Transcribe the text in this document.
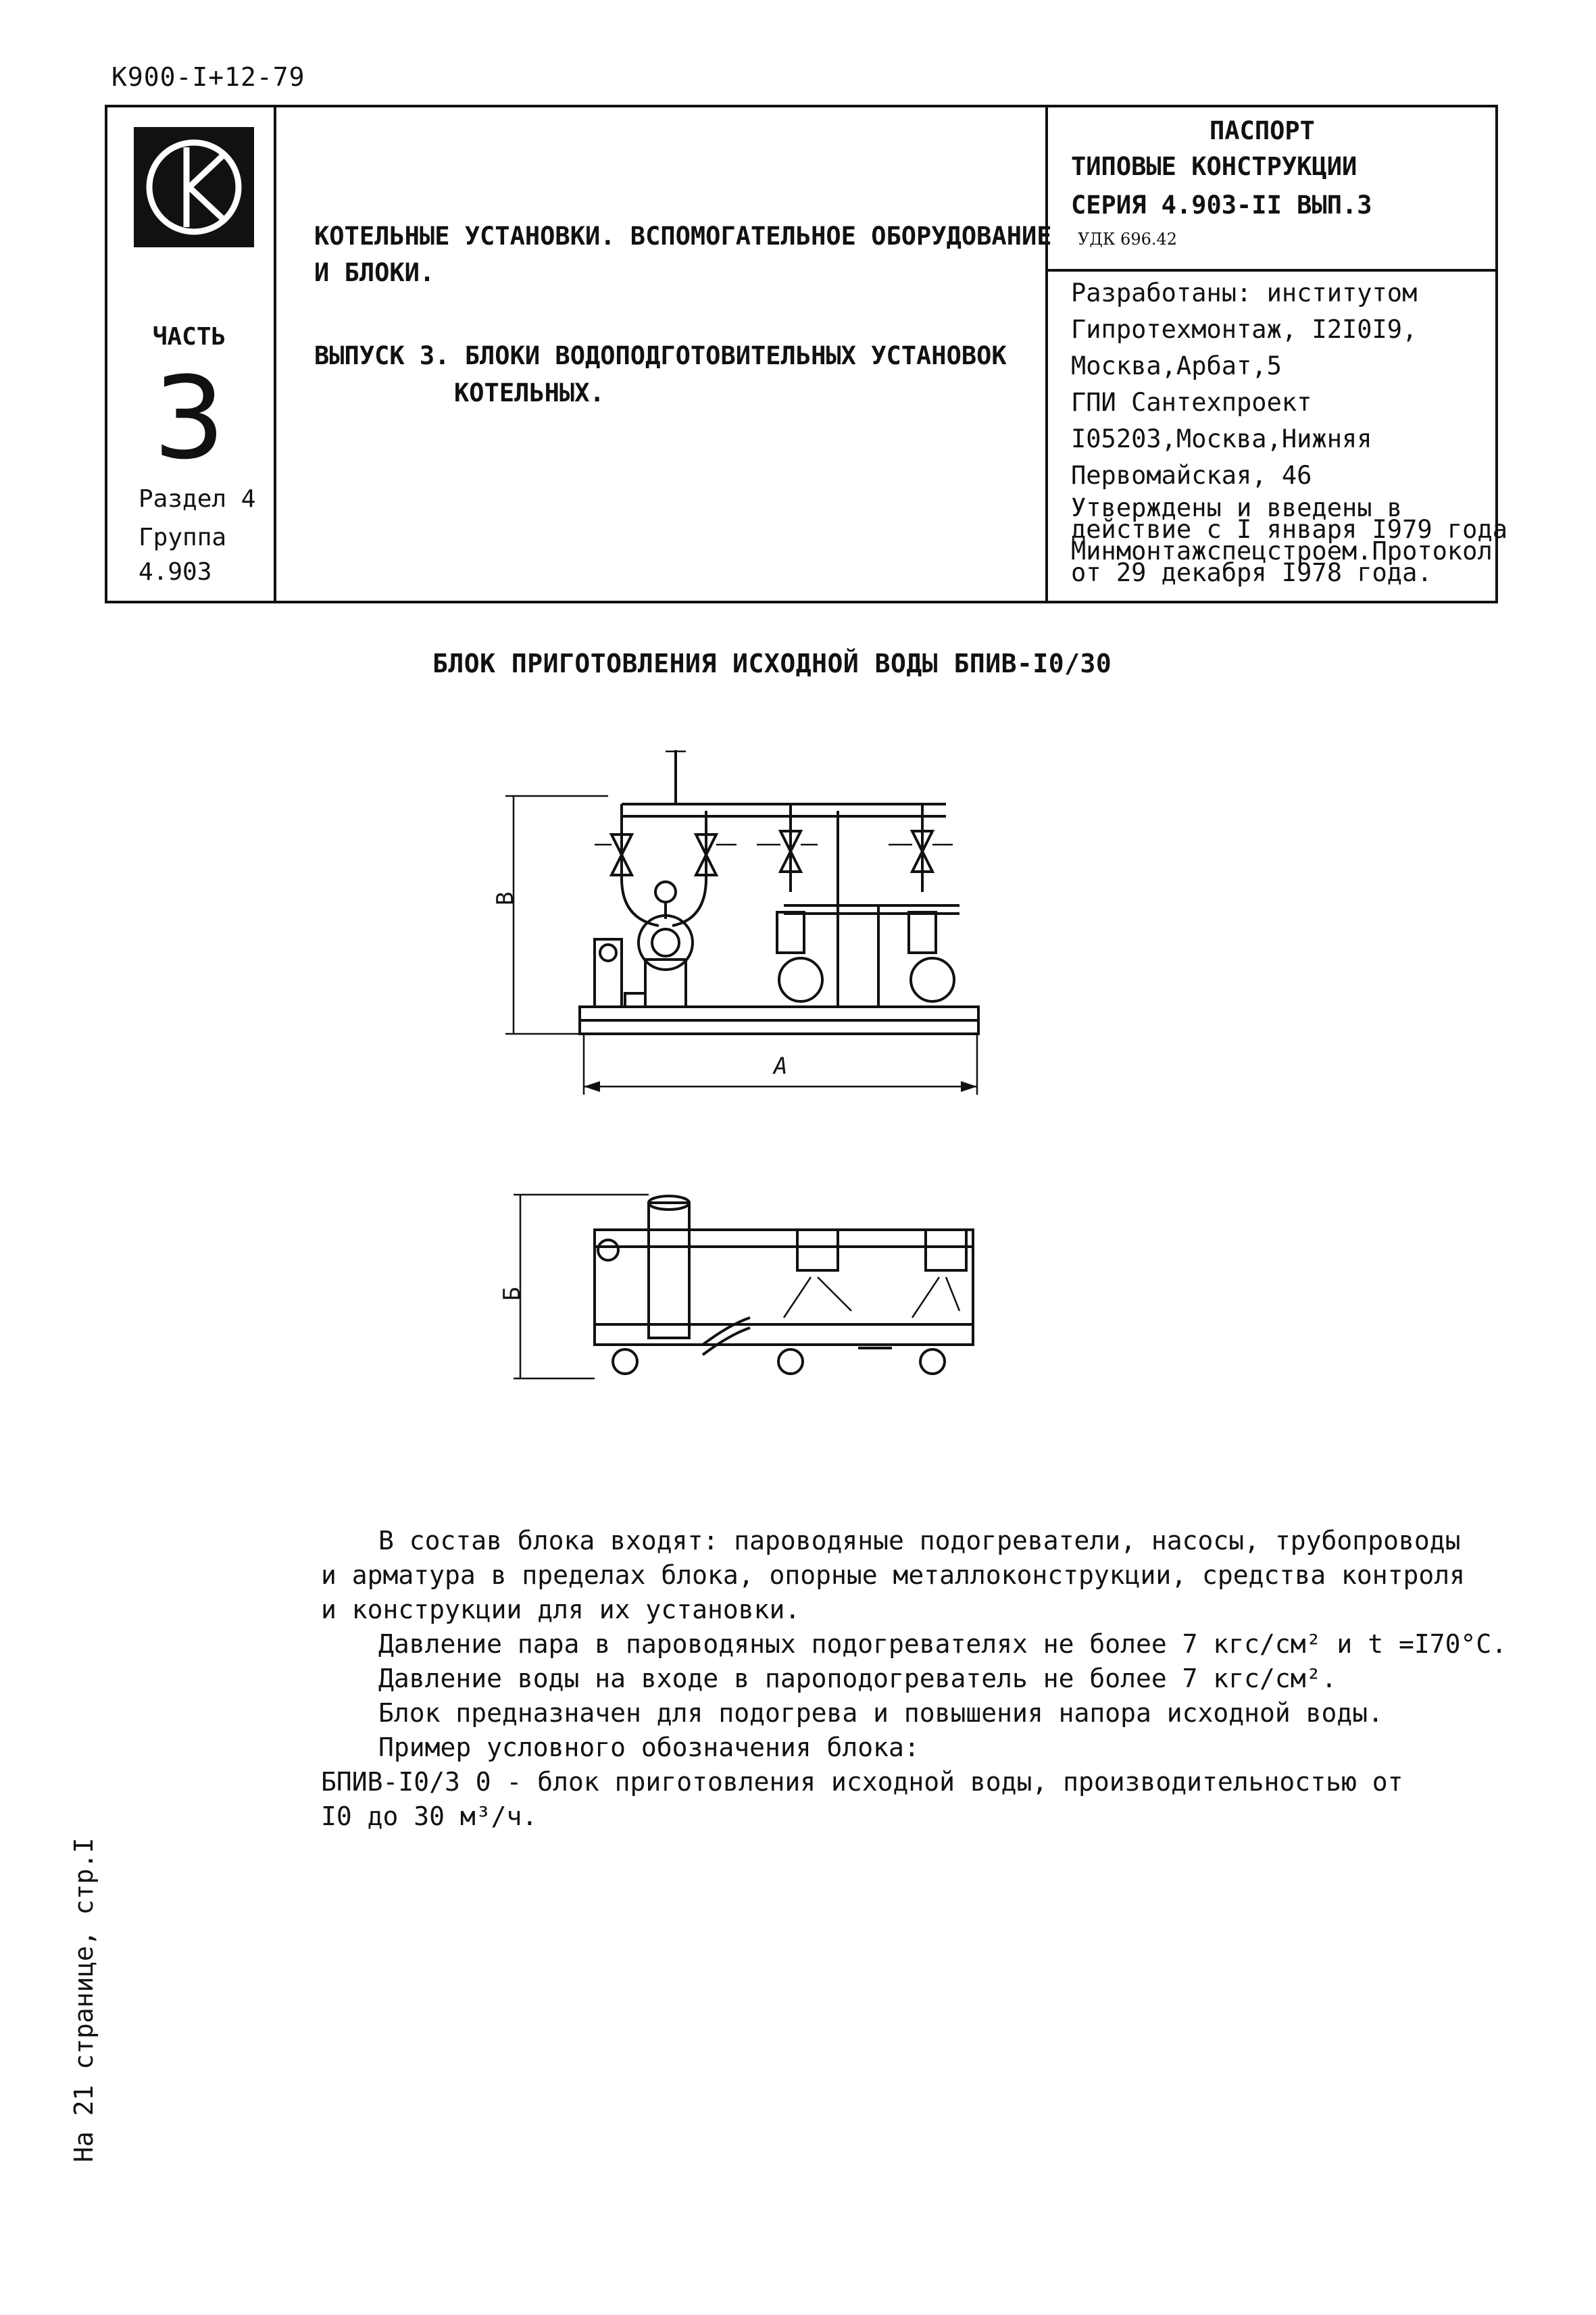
К900-I+12-79
ЧАСТЬ
3
Раздел 4
Группа
4.903
КОТЕЛЬНЫЕ УСТАНОВКИ. ВСПОМОГАТЕЛЬНОЕ ОБОРУДОВАНИЕ
И БЛОКИ.
ВЫПУСК 3. БЛОКИ ВОДОПОДГОТОВИТЕЛЬНЫХ УСТАНОВОК
КОТЕЛЬНЫХ.
ПАСПОРТ
ТИПОВЫЕ КОНСТРУКЦИИ
СЕРИЯ 4.903-II ВЫП.3
УДК 696.42
Разработаны: институтом
Гипротехмонтаж, I2I0I9,
Москва,Арбат,5
ГПИ Сантехпроект
I05203,Москва,Нижняя
Первомайская, 46
Утверждены и введены в
действие с I января I979 года
Минмонтажспецстроем.Протокол
от 29 декабря I978 года.
БЛОК ПРИГОТОВЛЕНИЯ ИСХОДНОЙ ВОДЫ БПИВ-I0/30
В
А
Б
В состав блока входят: пароводяные подогреватели, насосы, трубопроводы
и арматура в пределах блока, опорные металлоконструкции, средства контроля
и конструкции для их установки.
Давление пара в пароводяных подогревателях не более 7 кгс/см² и t =I70°C.
Давление воды на входе в пароподогреватель не более 7 кгс/см².
Блок предназначен для подогрева и повышения напора исходной воды.
Пример условного обозначения блока:
БПИВ-I0/3 0 - блок приготовления исходной воды, производительностью от
I0 до 30 м³/ч.
На 21 странице, стр.I
